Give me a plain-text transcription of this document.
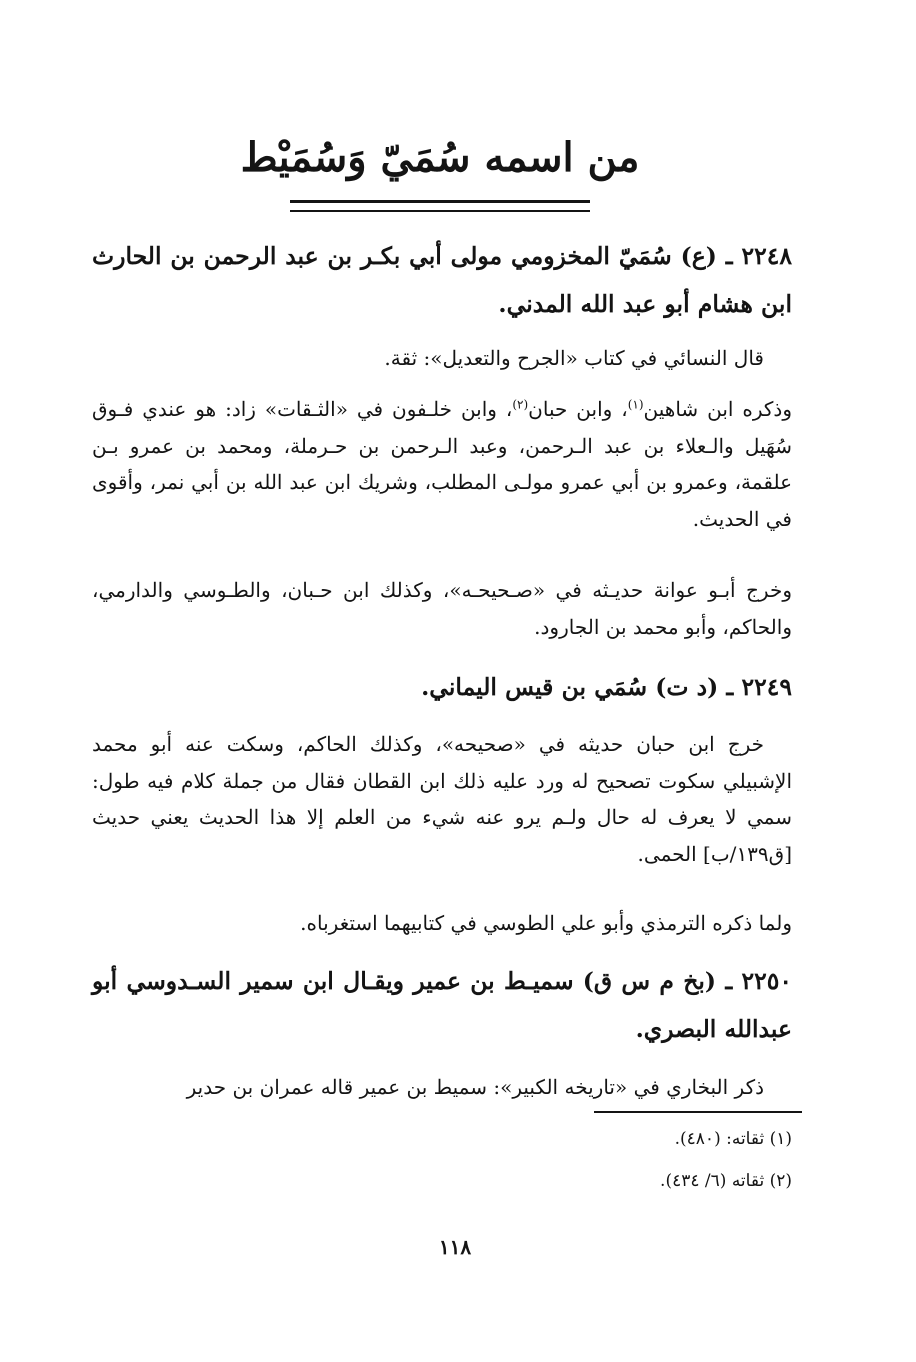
من اسمه سُمَيّ وَسُمَيْط
٢٢٤٨ ـ (ع) سُمَيّ المخزومي مولى أبي بكـر بن عبد الرحمن بن الحارث ابن هشام أبو عبد الله المدني.
قال النسائي في كتاب «الجرح والتعديل»: ثقة.
وذكره ابن شاهين$^{(١)}$، وابن حبان$^{(٢)}$، وابن خلـفون في «الثـقات» زاد: هو عندي فـوق سُهَيل والـعلاء بن عبد الـرحمن، وعبد الـرحمن بن حـرملة، ومحمد بن عمرو بـن علقمة، وعمرو بن أبي عمرو مولـى المطلب، وشريك ابن عبد الله بن أبي نمر، وأقوى في الحديث.
وخرج أبـو عوانة حديـثه في «صـحيحـه»، وكذلك ابن حـبان، والطـوسي والدارمي، والحاكم، وأبو محمد بن الجارود.
٢٢٤٩ ـ (د ت) سُمَي بن قيس اليماني.
خرج ابن حبان حديثه في «صحيحه»، وكذلك الحاكم، وسكت عنه أبو محمد الإشبيلي سكوت تصحيح له ورد عليه ذلك ابن القطان فقال من جملة كلام فيه طول: سمي لا يعرف له حال ولـم يرو عنه شيء من العلم إلا هذا الحديث يعني حديث [ق١٣٩/ب] الحمى.
ولما ذكره الترمذي وأبو علي الطوسي في كتابيهما استغرباه.
٢٢٥٠ ـ (بخ م س ق) سميـط بن عمير ويقـال ابن سمير السـدوسي أبو عبدالله البصري.
ذكر البخاري في «تاريخه الكبير»: سميط بن عمير قاله عمران بن حدير
(١) ثقاته: (٤٨٠).
(٢) ثقاته (٦/ ٤٣٤).
١١٨
